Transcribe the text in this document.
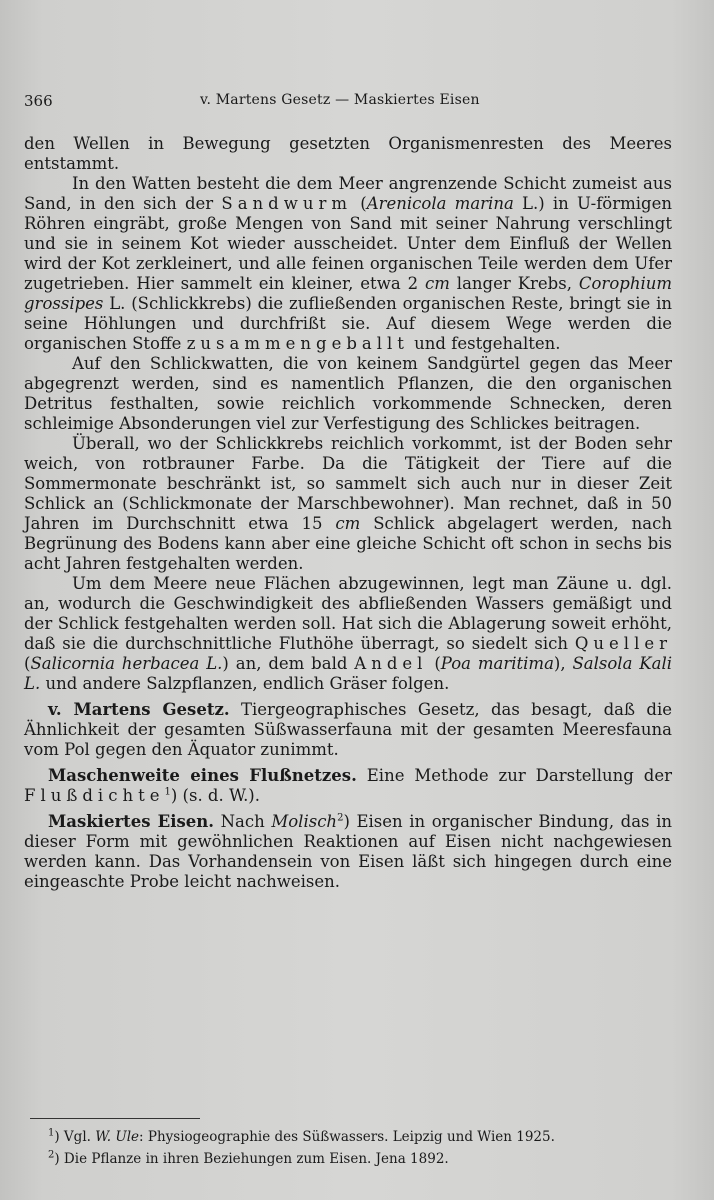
366	v. Martens Gesetz — Maskiertes Eisen

den Wellen in Bewegung gesetzten Organismenresten des Meeres entstammt.

In den Watten besteht die dem Meer angrenzende Schicht zumeist aus Sand, in den sich der Sandwurm (Arenicola marina L.) in U-förmigen Röhren eingräbt, große Mengen von Sand mit seiner Nahrung verschlingt und sie in seinem Kot wieder ausscheidet. Unter dem Einfluß der Wellen wird der Kot zerkleinert, und alle feinen organischen Teile werden dem Ufer zugetrieben. Hier sammelt ein kleiner, etwa 2 cm langer Krebs, Corophium grossipes L. (Schlickkrebs) die zufließenden organischen Reste, bringt sie in seine Höhlungen und durchfrißt sie. Auf diesem Wege werden die organischen Stoffe zusammengeballt und festgehalten.

Auf den Schlickwatten, die von keinem Sandgürtel gegen das Meer abgegrenzt werden, sind es namentlich Pflanzen, die den organischen Detritus festhalten, sowie reichlich vorkommende Schnecken, deren schleimige Absonderungen viel zur Verfestigung des Schlickes beitragen.

Überall, wo der Schlickkrebs reichlich vorkommt, ist der Boden sehr weich, von rotbrauner Farbe. Da die Tätigkeit der Tiere auf die Sommermonate beschränkt ist, so sammelt sich auch nur in dieser Zeit Schlick an (Schlickmonate der Marschbewohner). Man rechnet, daß in 50 Jahren im Durchschnitt etwa 15 cm Schlick abgelagert werden, nach Begrünung des Bodens kann aber eine gleiche Schicht oft schon in sechs bis acht Jahren festgehalten werden.

Um dem Meere neue Flächen abzugewinnen, legt man Zäune u. dgl. an, wodurch die Geschwindigkeit des abfließenden Wassers gemäßigt und der Schlick festgehalten werden soll. Hat sich die Ablagerung soweit erhöht, daß sie die durchschnittliche Fluthöhe überragt, so siedelt sich Queller (Salicornia herbacea L.) an, dem bald Andel (Poa maritima), Salsola Kali L. und andere Salzpflanzen, endlich Gräser folgen.

v. Martens Gesetz. Tiergeographisches Gesetz, das besagt, daß die Ähnlichkeit der gesamten Süßwasserfauna mit der gesamten Meeresfauna vom Pol gegen den Äquator zunimmt.

Maschenweite eines Flußnetzes. Eine Methode zur Darstellung der Flußdichte$^1$) (s. d. W.).

Maskiertes Eisen. Nach Molisch$^2$) Eisen in organischer Bindung, das in dieser Form mit gewöhnlichen Reaktionen auf Eisen nicht nachgewiesen werden kann. Das Vorhandensein von Eisen läßt sich hingegen durch eine eingeaschte Probe leicht nachweisen.

$^1$) Vgl. W. Ule: Physiogeographie des Süßwassers. Leipzig und Wien 1925.
$^2$) Die Pflanze in ihren Beziehungen zum Eisen. Jena 1892.
